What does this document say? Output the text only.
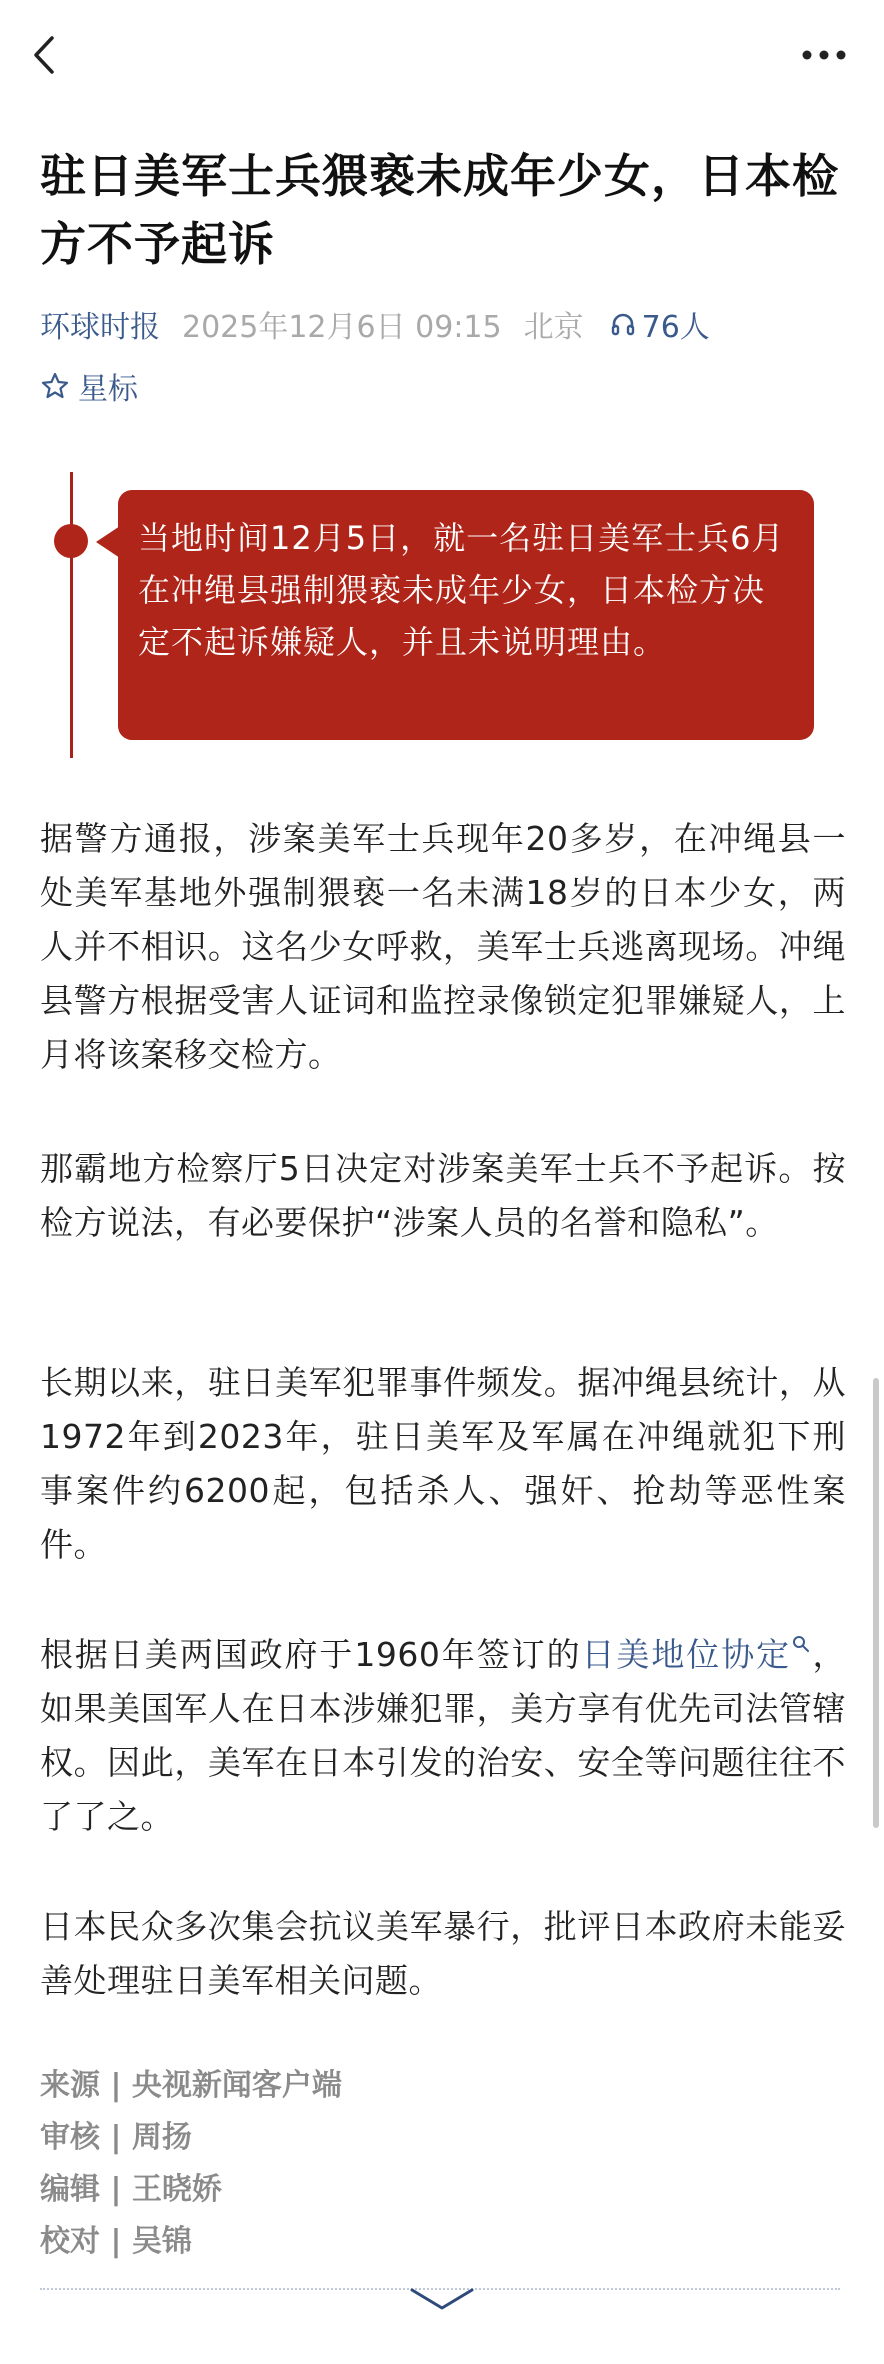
驻日美军士兵猥亵未成年少女，日本检方不予起诉
环球时报 2025年12月6日 09:15 北京 76人
星标
当地时间12月5日，就一名驻日美军士兵6月在冲绳县强制猥亵未成年少女，日本检方决定不起诉嫌疑人，并且未说明理由。

据警方通报，涉案美军士兵现年20多岁，在冲绳县一处美军基地外强制猥亵一名未满18岁的日本少女，两人并不相识。这名少女呼救，美军士兵逃离现场。冲绳县警方根据受害人证词和监控录像锁定犯罪嫌疑人，上月将该案移交检方。

那霸地方检察厅5日决定对涉案美军士兵不予起诉。按检方说法，有必要保护“涉案人员的名誉和隐私”。

长期以来，驻日美军犯罪事件频发。据冲绳县统计，从1972年到2023年，驻日美军及军属在冲绳就犯下刑事案件约6200起，包括杀人、强奸、抢劫等恶性案件。

根据日美两国政府于1960年签订的日美地位协定 ，如果美国军人在日本涉嫌犯罪，美方享有优先司法管辖权。因此，美军在日本引发的治安、安全等问题往往不了了之。

日本民众多次集会抗议美军暴行，批评日本政府未能妥善处理驻日美军相关问题。

来源 | 央视新闻客户端
审核 | 周扬
编辑 | 王晓娇
校对 | 吴锦
